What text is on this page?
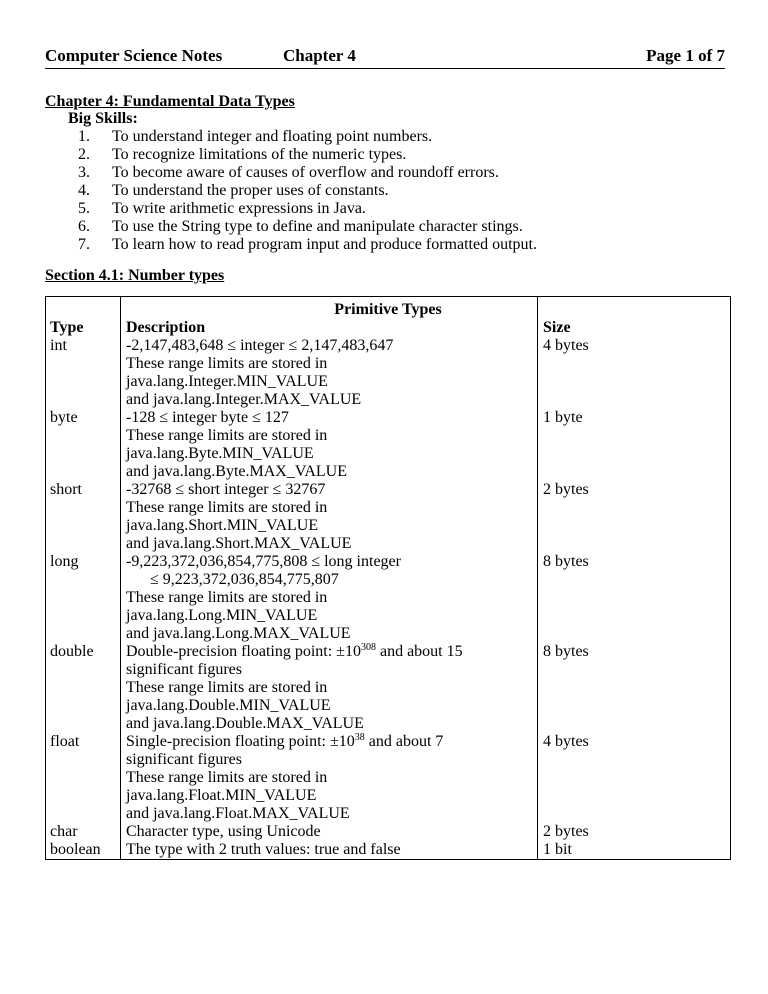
Computer Science Notes	Chapter 4	Page 1 of 7
Chapter 4: Fundamental Data Types
Big Skills:
1. To understand integer and floating point numbers.
2. To recognize limitations of the numeric types.
3. To become aware of causes of overflow and roundoff errors.
4. To understand the proper uses of constants.
5. To write arithmetic expressions in Java.
6. To use the String type to define and manipulate character stings.
7. To learn how to read program input and produce formatted output.
Section 4.1: Number types
Primitive Types
Type
int
byte
short
long
double
float
char
boolean
Description
-2,147,483,648 ≤ integer ≤ 2,147,483,647
These range limits are stored in
java.lang.Integer.MIN_VALUE
and java.lang.Integer.MAX_VALUE
-128 ≤ integer byte ≤ 127
These range limits are stored in
java.lang.Byte.MIN_VALUE
and java.lang.Byte.MAX_VALUE
-32768 ≤ short integer ≤ 32767
These range limits are stored in
java.lang.Short.MIN_VALUE
and java.lang.Short.MAX_VALUE
-9,223,372,036,854,775,808 ≤ long integer
≤ 9,223,372,036,854,775,807
These range limits are stored in
java.lang.Long.MIN_VALUE
and java.lang.Long.MAX_VALUE
Double-precision floating point: $\pm 10^{308}$ and about 15
significant figures
These range limits are stored in
java.lang.Double.MIN_VALUE
and java.lang.Double.MAX_VALUE
Single-precision floating point: $\pm 10^{38}$ and about 7
significant figures
These range limits are stored in
java.lang.Float.MIN_VALUE
and java.lang.Float.MAX_VALUE
Character type, using Unicode
The type with 2 truth values: true and false
Size
4 bytes
1 byte
2 bytes
8 bytes
8 bytes
4 bytes
2 bytes
1 bit
